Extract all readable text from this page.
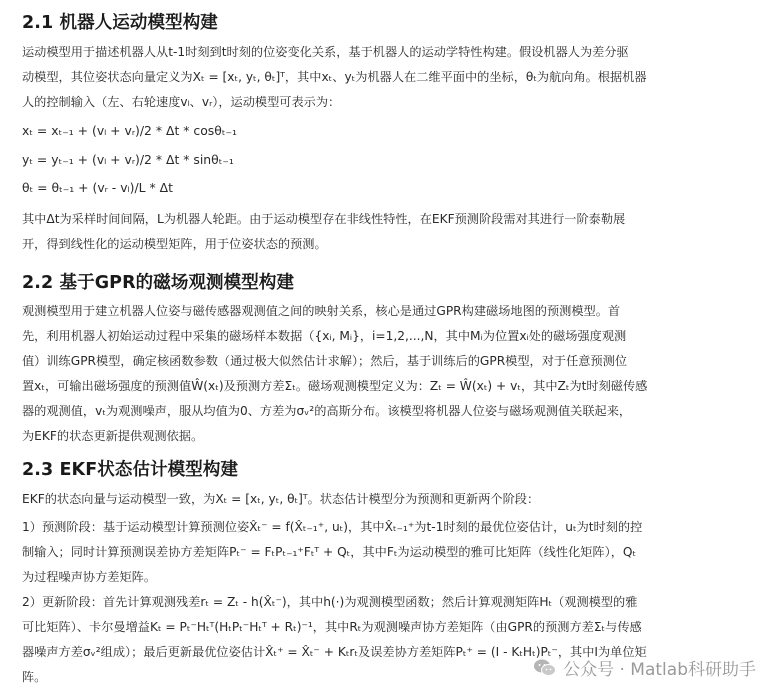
2.1 机器人运动模型构建
运动模型用于描述机器人从t-1时刻到t时刻的位姿变化关系，基于机器人的运动学特性构建。假设机器人为差分驱
动模型，其位姿状态向量定义为Xₜ = [xₜ, yₜ, θₜ]ᵀ，其中xₜ、yₜ为机器人在二维平面中的坐标，θₜ为航向角。根据机器
人的控制输入（左、右轮速度vₗ、vᵣ），运动模型可表示为：
xₜ = xₜ₋₁ + (vₗ + vᵣ)/2 * Δt * cosθₜ₋₁
yₜ = yₜ₋₁ + (vₗ + vᵣ)/2 * Δt * sinθₜ₋₁
θₜ = θₜ₋₁ + (vᵣ - vₗ)/L * Δt
其中Δt为采样时间间隔，L为机器人轮距。由于运动模型存在非线性特性，在EKF预测阶段需对其进行一阶泰勒展
开，得到线性化的运动模型矩阵，用于位姿状态的预测。
2.2 基于GPR的磁场观测模型构建
观测模型用于建立机器人位姿与磁传感器观测值之间的映射关系，核心是通过GPR构建磁场地图的预测模型。首
先，利用机器人初始运动过程中采集的磁场样本数据（{xᵢ, Mᵢ}，i=1,2,...,N，其中Mᵢ为位置xᵢ处的磁场强度观测
值）训练GPR模型，确定核函数参数（通过极大似然估计求解）；然后，基于训练后的GPR模型，对于任意预测位
置xₜ，可输出磁场强度的预测值Ŵ(xₜ)及预测方差Σₜ。磁场观测模型定义为：Zₜ = Ŵ(xₜ) + vₜ，其中Zₜ为t时刻磁传感
器的观测值，vₜ为观测噪声，服从均值为0、方差为σᵥ²的高斯分布。该模型将机器人位姿与磁场观测值关联起来，
为EKF的状态更新提供观测依据。
2.3 EKF状态估计模型构建
EKF的状态向量与运动模型一致，为Xₜ = [xₜ, yₜ, θₜ]ᵀ。状态估计模型分为预测和更新两个阶段：
1）预测阶段：基于运动模型计算预测位姿X̂ₜ⁻ = f(X̂ₜ₋₁⁺, uₜ)，其中X̂ₜ₋₁⁺为t-1时刻的最优位姿估计，uₜ为t时刻的控
制输入；同时计算预测误差协方差矩阵Pₜ⁻ = FₜPₜ₋₁⁺Fₜᵀ + Qₜ，其中Fₜ为运动模型的雅可比矩阵（线性化矩阵），Qₜ
为过程噪声协方差矩阵。
2）更新阶段：首先计算观测残差rₜ = Zₜ - h(X̂ₜ⁻)，其中h(·)为观测模型函数；然后计算观测矩阵Hₜ（观测模型的雅
可比矩阵）、卡尔曼增益Kₜ = Pₜ⁻Hₜᵀ(HₜPₜ⁻Hₜᵀ + Rₜ)⁻¹，其中Rₜ为观测噪声协方差矩阵（由GPR的预测方差Σₜ与传感
器噪声方差σᵥ²组成）；最后更新最优位姿估计X̂ₜ⁺ = X̂ₜ⁻ + Kₜrₜ及误差协方差矩阵Pₜ⁺ = (I - KₜHₜ)Pₜ⁻，其中I为单位矩
阵。	公众号 · Matlab科研助手
